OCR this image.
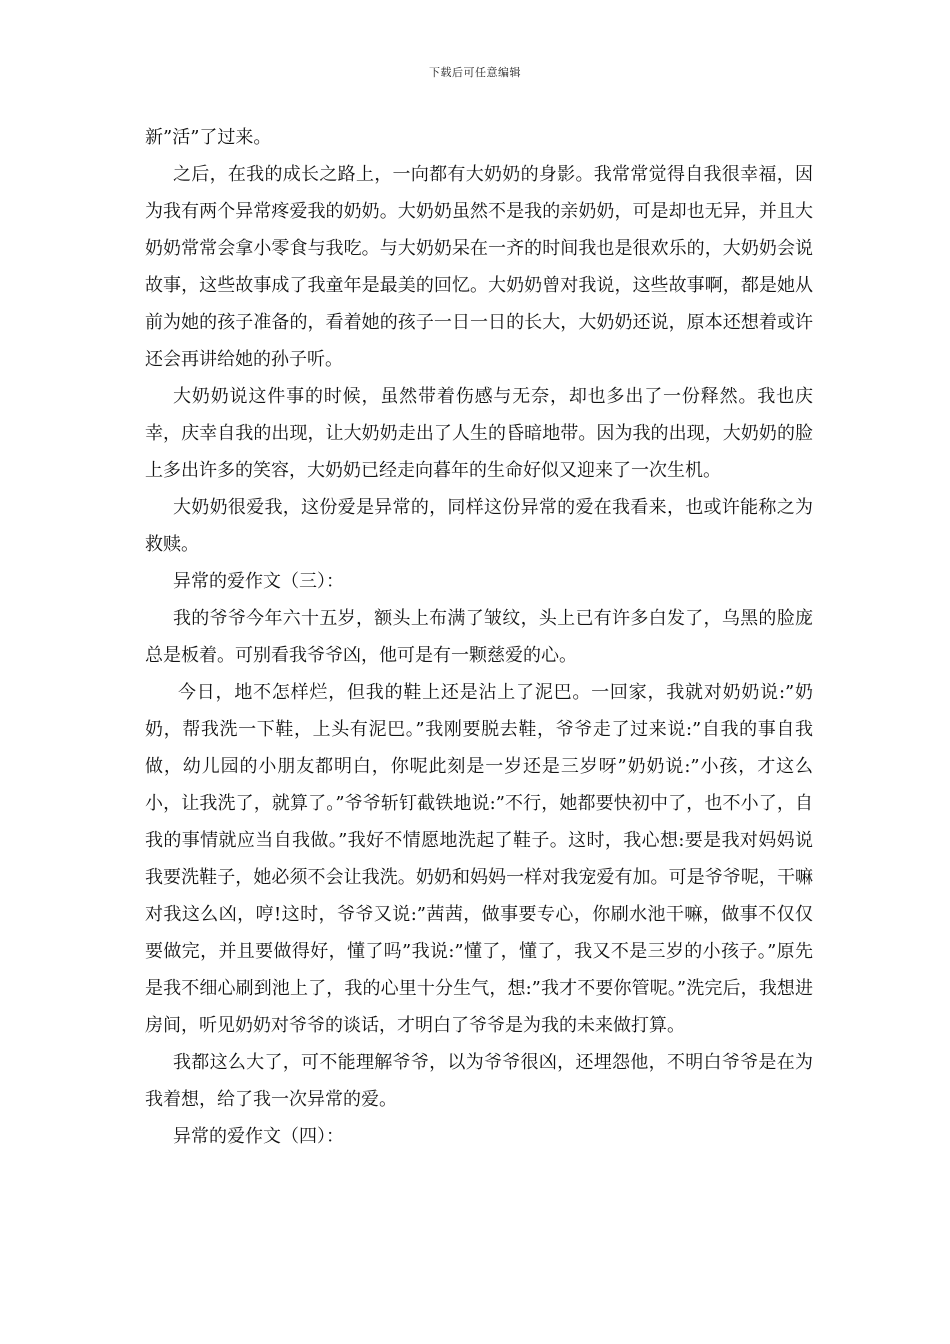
下载后可任意编辑

新”活”了过来。

之后，在我的成长之路上，一向都有大奶奶的身影。我常常觉得自我很幸福，因为我有两个异常疼爱我的奶奶。大奶奶虽然不是我的亲奶奶，可是却也无异，并且大奶奶常常会拿小零食与我吃。与大奶奶呆在一齐的时间我也是很欢乐的，大奶奶会说故事，这些故事成了我童年是最美的回忆。大奶奶曾对我说，这些故事啊，都是她从前为她的孩子准备的，看着她的孩子一日一日的长大，大奶奶还说，原本还想着或许还会再讲给她的孙子听。

大奶奶说这件事的时候，虽然带着伤感与无奈，却也多出了一份释然。我也庆幸，庆幸自我的出现，让大奶奶走出了人生的昏暗地带。因为我的出现，大奶奶的脸上多出许多的笑容，大奶奶已经走向暮年的生命好似又迎来了一次生机。

大奶奶很爱我，这份爱是异常的，同样这份异常的爱在我看来，也或许能称之为救赎。

异常的爱作文（三）：

我的爷爷今年六十五岁，额头上布满了皱纹，头上已有许多白发了，乌黑的脸庞总是板着。可别看我爷爷凶，他可是有一颗慈爱的心。

今日，地不怎样烂，但我的鞋上还是沾上了泥巴。一回家，我就对奶奶说:”奶奶，帮我洗一下鞋，上头有泥巴。”我刚要脱去鞋，爷爷走了过来说:”自我的事自我做，幼儿园的小朋友都明白，你呢此刻是一岁还是三岁呀”奶奶说:”小孩，才这么小，让我洗了，就算了。”爷爷斩钉截铁地说:”不行，她都要快初中了，也不小了，自我的事情就应当自我做。”我好不情愿地洗起了鞋子。这时，我心想:要是我对妈妈说我要洗鞋子，她必须不会让我洗。奶奶和妈妈一样对我宠爱有加。可是爷爷呢，干嘛对我这么凶，哼!这时，爷爷又说:”茜茜，做事要专心，你刷水池干嘛，做事不仅仅要做完，并且要做得好，懂了吗”我说:”懂了，懂了，我又不是三岁的小孩子。”原先是我不细心刷到池上了，我的心里十分生气，想:”我才不要你管呢。”洗完后，我想进房间，听见奶奶对爷爷的谈话，才明白了爷爷是为我的未来做打算。

我都这么大了，可不能理解爷爷，以为爷爷很凶，还埋怨他，不明白爷爷是在为我着想，给了我一次异常的爱。

异常的爱作文（四）：
